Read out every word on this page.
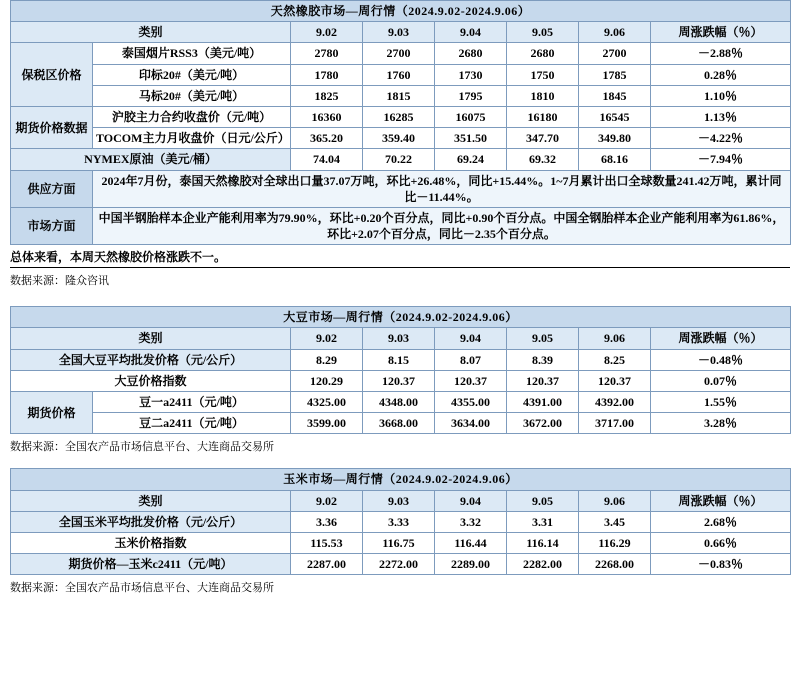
天然橡胶市场—周行情（2024.9.02-2024.9.06）							
类别		9.02	9.03	9.04	9.05	9.06	周涨跌幅（％）
保税区价格	泰国烟片RSS3（美元/吨）	2780	2700	2680	2680	2700	－2.88％
	印标20#（美元/吨）	1780	1760	1730	1750	1785	0.28％
	马标20#（美元/吨）	1825	1815	1795	1810	1845	1.10％
期货价格数据	沪胶主力合约收盘价（元/吨）	16360	16285	16075	16180	16545	1.13％
	TOCOM主力月收盘价（日元/公斤）	365.20	359.40	351.50	347.70	349.80	－4.22％
NYMEX原油（美元/桶）		74.04	70.22	69.24	69.32	68.16	－7.94％
供应方面	2024年7月份，泰国天然橡胶对全球出口量37.07万吨，环比+26.48%，同比+15.44%。1~7月累计出口全球数量241.42万吨，累计同比－11.44%。						
市场方面	中国半钢胎样本企业产能利用率为79.90%，环比+0.20个百分点，同比+0.90个百分点。中国全钢胎样本企业产能利用率为61.86%，环比+2.07个百分点，同比－2.35个百分点。						
总体来看，本周天然橡胶价格涨跌不一。
数据来源：隆众咨讯
大豆市场—周行情（2024.9.02-2024.9.06）							
类别		9.02	9.03	9.04	9.05	9.06	周涨跌幅（％）
全国大豆平均批发价格（元/公斤）		8.29	8.15	8.07	8.39	8.25	－0.48％
大豆价格指数		120.29	120.37	120.37	120.37	120.37	0.07％
期货价格	豆一a2411（元/吨）	4325.00	4348.00	4355.00	4391.00	4392.00	1.55％
	豆二a2411（元/吨）	3599.00	3668.00	3634.00	3672.00	3717.00	3.28％
数据来源：全国农产品市场信息平台、大连商品交易所
玉米市场—周行情（2024.9.02-2024.9.06）						
类别	9.02	9.03	9.04	9.05	9.06	周涨跌幅（％）
全国玉米平均批发价格（元/公斤）	3.36	3.33	3.32	3.31	3.45	2.68％
玉米价格指数	115.53	116.75	116.44	116.14	116.29	0.66％
期货价格—玉米c2411（元/吨）	2287.00	2272.00	2289.00	2282.00	2268.00	－0.83％
数据来源：全国农产品市场信息平台、大连商品交易所
